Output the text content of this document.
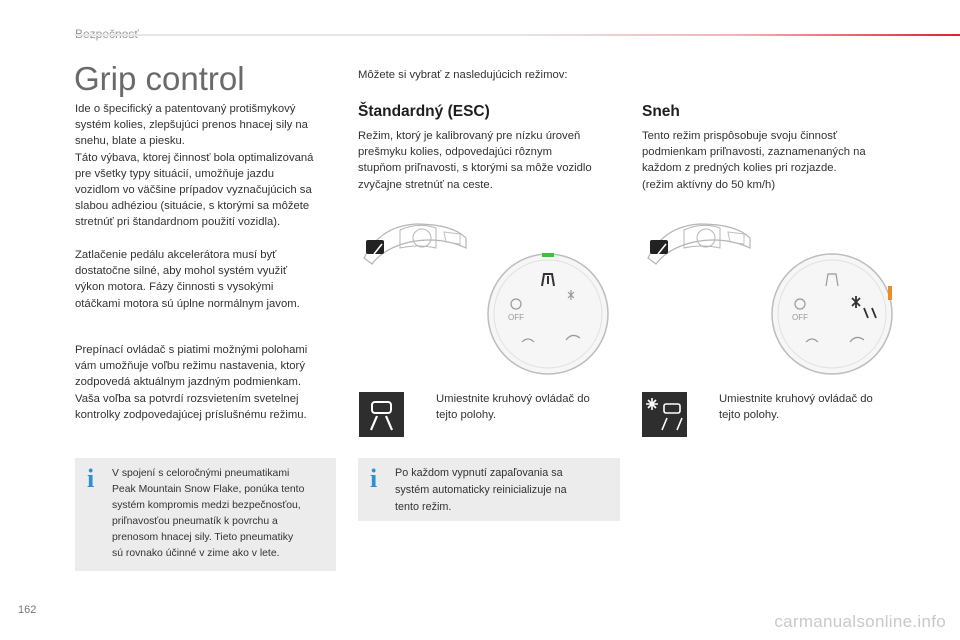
Grip control
Ide o špecifický a patentovaný protišmykový
systém kolies, zlepšujúci prenos hnacej sily na
snehu, blate a piesku.
Táto výbava, ktorej činnosť bola optimalizovaná
pre všetky typy situácií, umožňuje jazdu
vozidlom vo väčšine prípadov vyznačujúcich sa
slabou adhéziou (situácie, s ktorými sa môžete
stretnúť pri štandardnom použití vozidla).
Zatlačenie pedálu akcelerátora musí byť
dostatočne silné, aby mohol systém využiť
výkon motora. Fázy činnosti s vysokými
otáčkami motora sú úplne normálnym javom.
Prepínací ovládač s piatimi možnými polohami
vám umožňuje voľbu režimu nastavenia, ktorý
zodpovedá aktuálnym jazdným podmienkam.
Vaša voľba sa potvrdí rozsvietením svetelnej
kontrolky zodpovedajúcej príslušnému režimu.
i V spojení s celoročnými pneumatikami
Peak Mountain Snow Flake, ponúka tento
systém kompromis medzi bezpečnosťou,
priľnavosťou pneumatík k povrchu a
prenosom hnacej sily. Tieto pneumatiky
sú rovnako účinné v zime ako v lete.
Môžete si vybrať z nasledujúcich režimov:
Štandardný (ESC)
Režim, ktorý je kalibrovaný pre nízku úroveň
prešmyku kolies, odpovedajúci rôznym
stupňom priľnavosti, s ktorými sa môže vozidlo
zvyčajne stretnúť na ceste.
OFF
Umiestnite kruhový ovládač do
tejto polohy.
i Po každom vypnutí zapaľovania sa
systém automaticky reinicializuje na
tento režim.
Sneh
Tento režim prispôsobuje svoju činnosť
podmienkam priľnavosti, zaznamenaných na
každom z predných kolies pri rozjazde.
(režim aktívny do 50 km/h)
OFF
Umiestnite kruhový ovládač do
tejto polohy.
162
carmanualsonline.info
